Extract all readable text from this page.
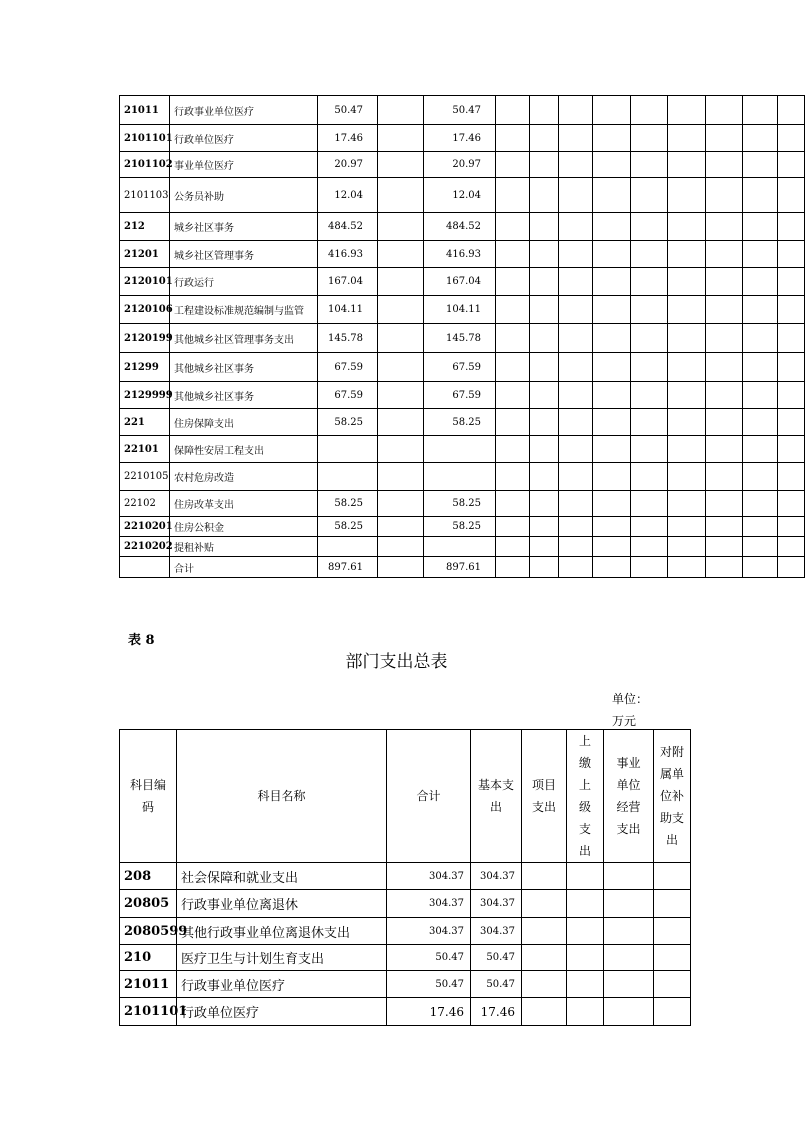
21011	行政事业单位医疗	50.47		50.47									
2101101	行政单位医疗	17.46		17.46									
2101102	事业单位医疗	20.97		20.97									
2101103	公务员补助	12.04		12.04									
212	城乡社区事务	484.52		484.52									
21201	城乡社区管理事务	416.93		416.93									
2120101	行政运行	167.04		167.04									
2120106	工程建设标准规范编制与监管	104.11		104.11									
2120199	其他城乡社区管理事务支出	145.78		145.78									
21299	其他城乡社区事务	67.59		67.59									
2129999	其他城乡社区事务	67.59		67.59									
221	住房保障支出	58.25		58.25									
22101	保障性安居工程支出												
2210105	农村危房改造												
22102	住房改革支出	58.25		58.25									
2210201	住房公积金	58.25		58.25									
2210202	提租补贴												
	合计	897.61		897.61									
表 8
部门支出总表
单位：
万元
科目编码	科目名称	合计	基本支出	项目支出	上缴上级支出	事业单位经营支出	对附属单位补助支出
208	社会保障和就业支出	304.37	304.37				
20805	行政事业单位离退休	304.37	304.37				
2080599	其他行政事业单位离退休支出	304.37	304.37				
210	医疗卫生与计划生育支出	50.47	50.47				
21011	行政事业单位医疗	50.47	50.47				
2101101	行政单位医疗	17.46	17.46				
